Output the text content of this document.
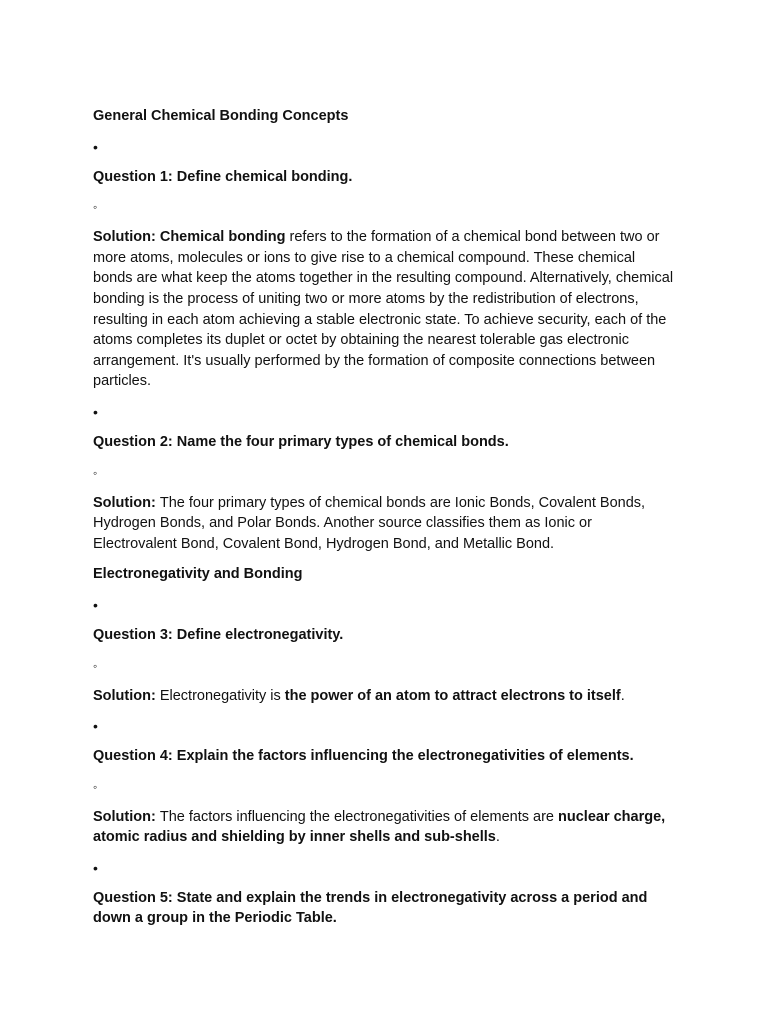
General Chemical Bonding Concepts

•

Question 1: Define chemical bonding.

◦

Solution: Chemical bonding refers to the formation of a chemical bond between two or more atoms, molecules or ions to give rise to a chemical compound. These chemical bonds are what keep the atoms together in the resulting compound. Alternatively, chemical bonding is the process of uniting two or more atoms by the redistribution of electrons, resulting in each atom achieving a stable electronic state. To achieve security, each of the atoms completes its duplet or octet by obtaining the nearest tolerable gas electronic arrangement. It's usually performed by the formation of composite connections between particles.

•

Question 2: Name the four primary types of chemical bonds.

◦

Solution: The four primary types of chemical bonds are Ionic Bonds, Covalent Bonds, Hydrogen Bonds, and Polar Bonds. Another source classifies them as Ionic or Electrovalent Bond, Covalent Bond, Hydrogen Bond, and Metallic Bond.

Electronegativity and Bonding

•

Question 3: Define electronegativity.

◦

Solution: Electronegativity is the power of an atom to attract electrons to itself.

•

Question 4: Explain the factors influencing the electronegativities of elements.

◦

Solution: The factors influencing the electronegativities of elements are nuclear charge, atomic radius and shielding by inner shells and sub-shells.

•

Question 5: State and explain the trends in electronegativity across a period and down a group in the Periodic Table.
